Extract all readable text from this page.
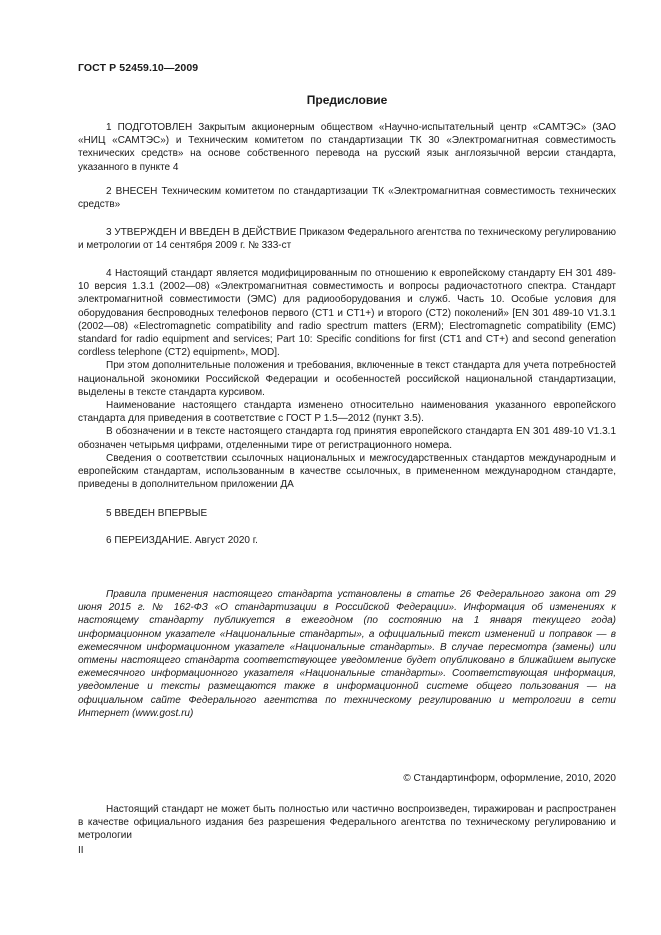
ГОСТ Р 52459.10—2009
Предисловие

1 ПОДГОТОВЛЕН Закрытым акционерным обществом «Научно-испытательный центр «САМТЭС» (ЗАО «НИЦ «САМТЭС») и Техническим комитетом по стандартизации ТК 30 «Электромагнитная совместимость технических средств» на основе собственного перевода на русский язык англоязычной версии стандарта, указанного в пункте 4

2 ВНЕСЕН Техническим комитетом по стандартизации ТК «Электромагнитная совместимость технических средств»

3 УТВЕРЖДЕН И ВВЕДЕН В ДЕЙСТВИЕ Приказом Федерального агентства по техническому регулированию и метрологии от 14 сентября 2009 г. № 333-ст

4 Настоящий стандарт является модифицированным по отношению к европейскому стандарту ЕН 301 489-10 версия 1.3.1 (2002—08) «Электромагнитная совместимость и вопросы радиочастотного спектра. Стандарт электромагнитной совместимости (ЭМС) для радиооборудования и служб. Часть 10. Особые условия для оборудования беспроводных телефонов первого (CT1 и CT1+) и второго (CT2) поколений» [EN 301 489-10 V1.3.1 (2002—08) «Electromagnetic compatibility and radio spectrum matters (ERM); Electromagnetic compatibility (EMC) standard for radio equipment and services; Part 10: Specific conditions for first (CT1 and CT+) and second generation cordless telephone (CT2) equipment», MOD].

При этом дополнительные положения и требования, включенные в текст стандарта для учета потребностей национальной экономики Российской Федерации и особенностей российской национальной стандартизации, выделены в тексте стандарта курсивом.

Наименование настоящего стандарта изменено относительно наименования указанного европейского стандарта для приведения в соответствие с ГОСТ Р 1.5—2012 (пункт 3.5).

В обозначении и в тексте настоящего стандарта год принятия европейского стандарта EN 301 489-10 V1.3.1 обозначен четырьмя цифрами, отделенными тире от регистрационного номера.

Сведения о соответствии ссылочных национальных и межгосударственных стандартов международным и европейским стандартам, использованным в качестве ссылочных, в примененном международном стандарте, приведены в дополнительном приложении ДА

5 ВВЕДЕН ВПЕРВЫЕ

6 ПЕРЕИЗДАНИЕ. Август 2020 г.

Правила применения настоящего стандарта установлены в статье 26 Федерального закона от 29 июня 2015 г. № 162-ФЗ «О стандартизации в Российской Федерации». Информация об изменениях к настоящему стандарту публикуется в ежегодном (по состоянию на 1 января текущего года) информационном указателе «Национальные стандарты», а официальный текст изменений и поправок — в ежемесячном информационном указателе «Национальные стандарты». В случае пересмотра (замены) или отмены настоящего стандарта соответствующее уведомление будет опубликовано в ближайшем выпуске ежемесячного информационного указателя «Национальные стандарты». Соответствующая информация, уведомление и тексты размещаются также в информационной системе общего пользования — на официальном сайте Федерального агентства по техническому регулированию и метрологии в сети Интернет (www.gost.ru)

© Стандартинформ, оформление, 2010, 2020

Настоящий стандарт не может быть полностью или частично воспроизведен, тиражирован и распространен в качестве официального издания без разрешения Федерального агентства по техническому регулированию и метрологии

II
